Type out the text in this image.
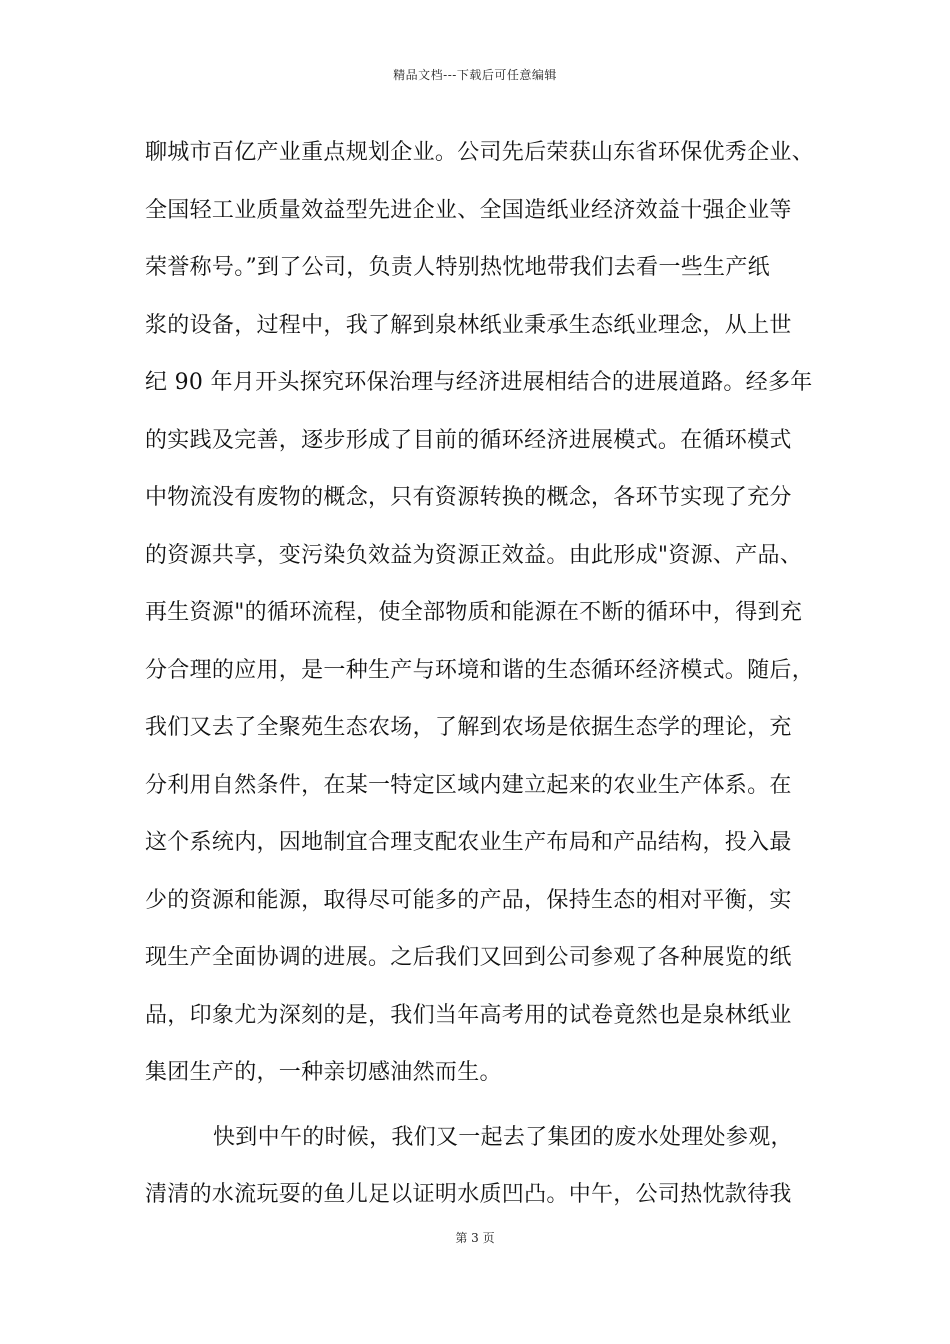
精品文档---下载后可任意编辑
聊城市百亿产业重点规划企业。公司先后荣获山东省环保优秀企业、
全国轻工业质量效益型先进企业、全国造纸业经济效益十强企业等
荣誉称号。”到了公司，负责人特别热忱地带我们去看一些生产纸
浆的设备，过程中，我了解到泉林纸业秉承生态纸业理念，从上世
纪 90 年月开头探究环保治理与经济进展相结合的进展道路。经多年
的实践及完善，逐步形成了目前的循环经济进展模式。在循环模式
中物流没有废物的概念，只有资源转换的概念，各环节实现了充分
的资源共享，变污染负效益为资源正效益。由此形成"资源、产品、
再生资源"的循环流程，使全部物质和能源在不断的循环中，得到充
分合理的应用，是一种生产与环境和谐的生态循环经济模式。随后，
我们又去了全聚苑生态农场，了解到农场是依据生态学的理论，充
分利用自然条件，在某一特定区域内建立起来的农业生产体系。在
这个系统内，因地制宜合理支配农业生产布局和产品结构，投入最
少的资源和能源，取得尽可能多的产品，保持生态的相对平衡，实
现生产全面协调的进展。之后我们又回到公司参观了各种展览的纸
品，印象尤为深刻的是，我们当年高考用的试卷竟然也是泉林纸业
集团生产的，一种亲切感油然而生。
快到中午的时候，我们又一起去了集团的废水处理处参观，
清清的水流玩耍的鱼儿足以证明水质凹凸。中午，公司热忱款待我
第 3 页
